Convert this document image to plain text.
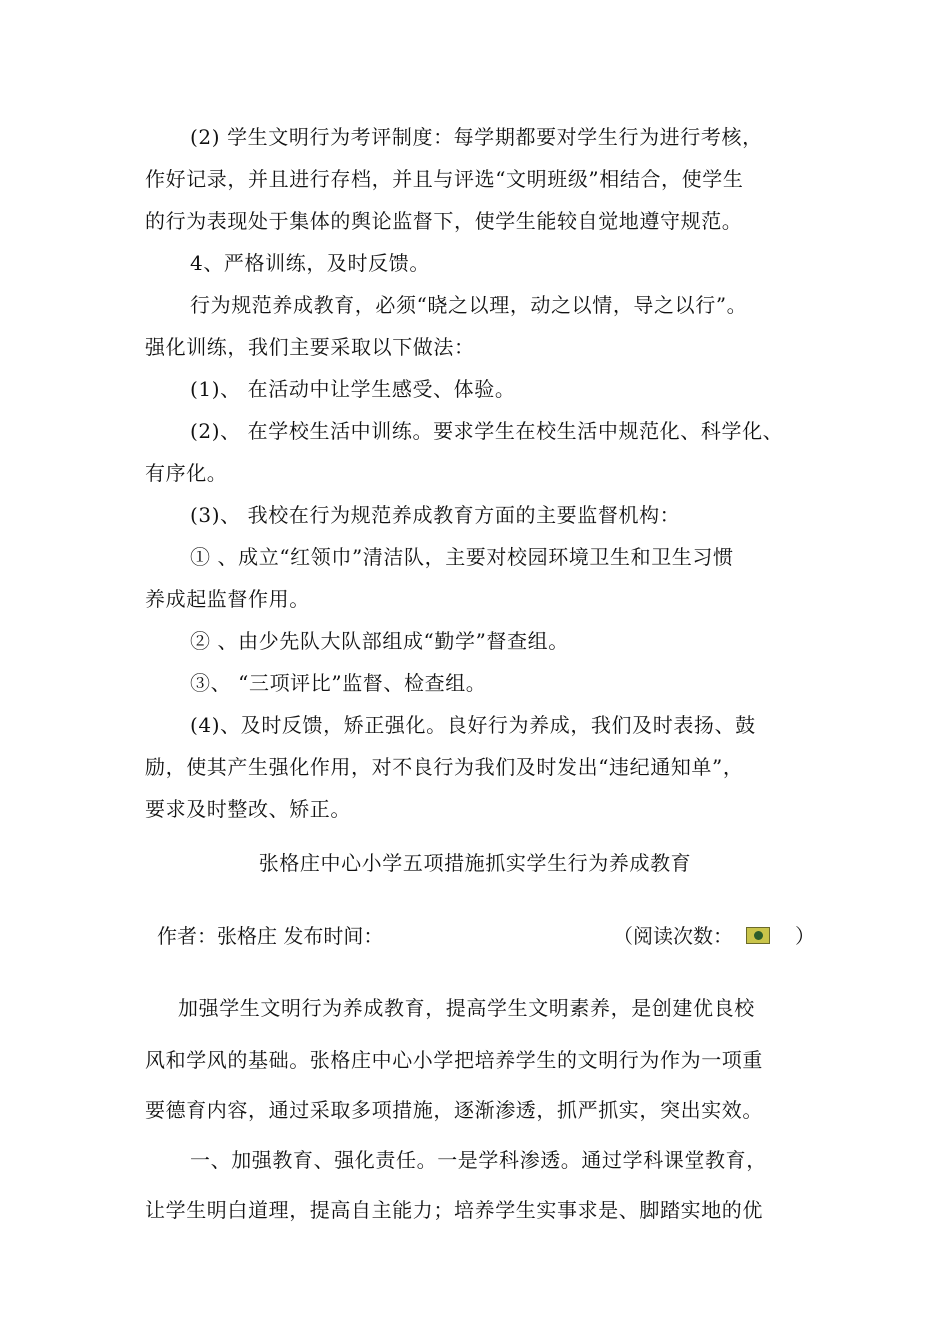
(2) 学生文明行为考评制度：每学期都要对学生行为进行考核，
作好记录，并且进行存档，并且与评选“文明班级”相结合，使学生
的行为表现处于集体的舆论监督下，使学生能较自觉地遵守规范。
4、严格训练，及时反馈。
行为规范养成教育，必须“晓之以理，动之以情，导之以行”。
强化训练，我们主要采取以下做法：
(1)、 在活动中让学生感受、体验。
(2)、 在学校生活中训练。要求学生在校生活中规范化、科学化、
有序化。
(3)、 我校在行为规范养成教育方面的主要监督机构：
① 、成立“红领巾”清洁队，主要对校园环境卫生和卫生习惯
养成起监督作用。
② 、由少先队大队部组成“勤学”督查组。
③、 “三项评比”监督、检查组。
(4)、及时反馈，矫正强化。良好行为养成，我们及时表扬、鼓
励，使其产生强化作用，对不良行为我们及时发出“违纪通知单”，
要求及时整改、矫正。
张格庄中心小学五项措施抓实学生行为养成教育
作者：张格庄 发布时间：	（阅读次数：	）
加强学生文明行为养成教育，提高学生文明素养，是创建优良校
风和学风的基础。张格庄中心小学把培养学生的文明行为作为一项重
要德育内容，通过采取多项措施，逐渐渗透，抓严抓实，突出实效。
一、加强教育、强化责任。一是学科渗透。通过学科课堂教育，
让学生明白道理，提高自主能力；培养学生实事求是、脚踏实地的优
